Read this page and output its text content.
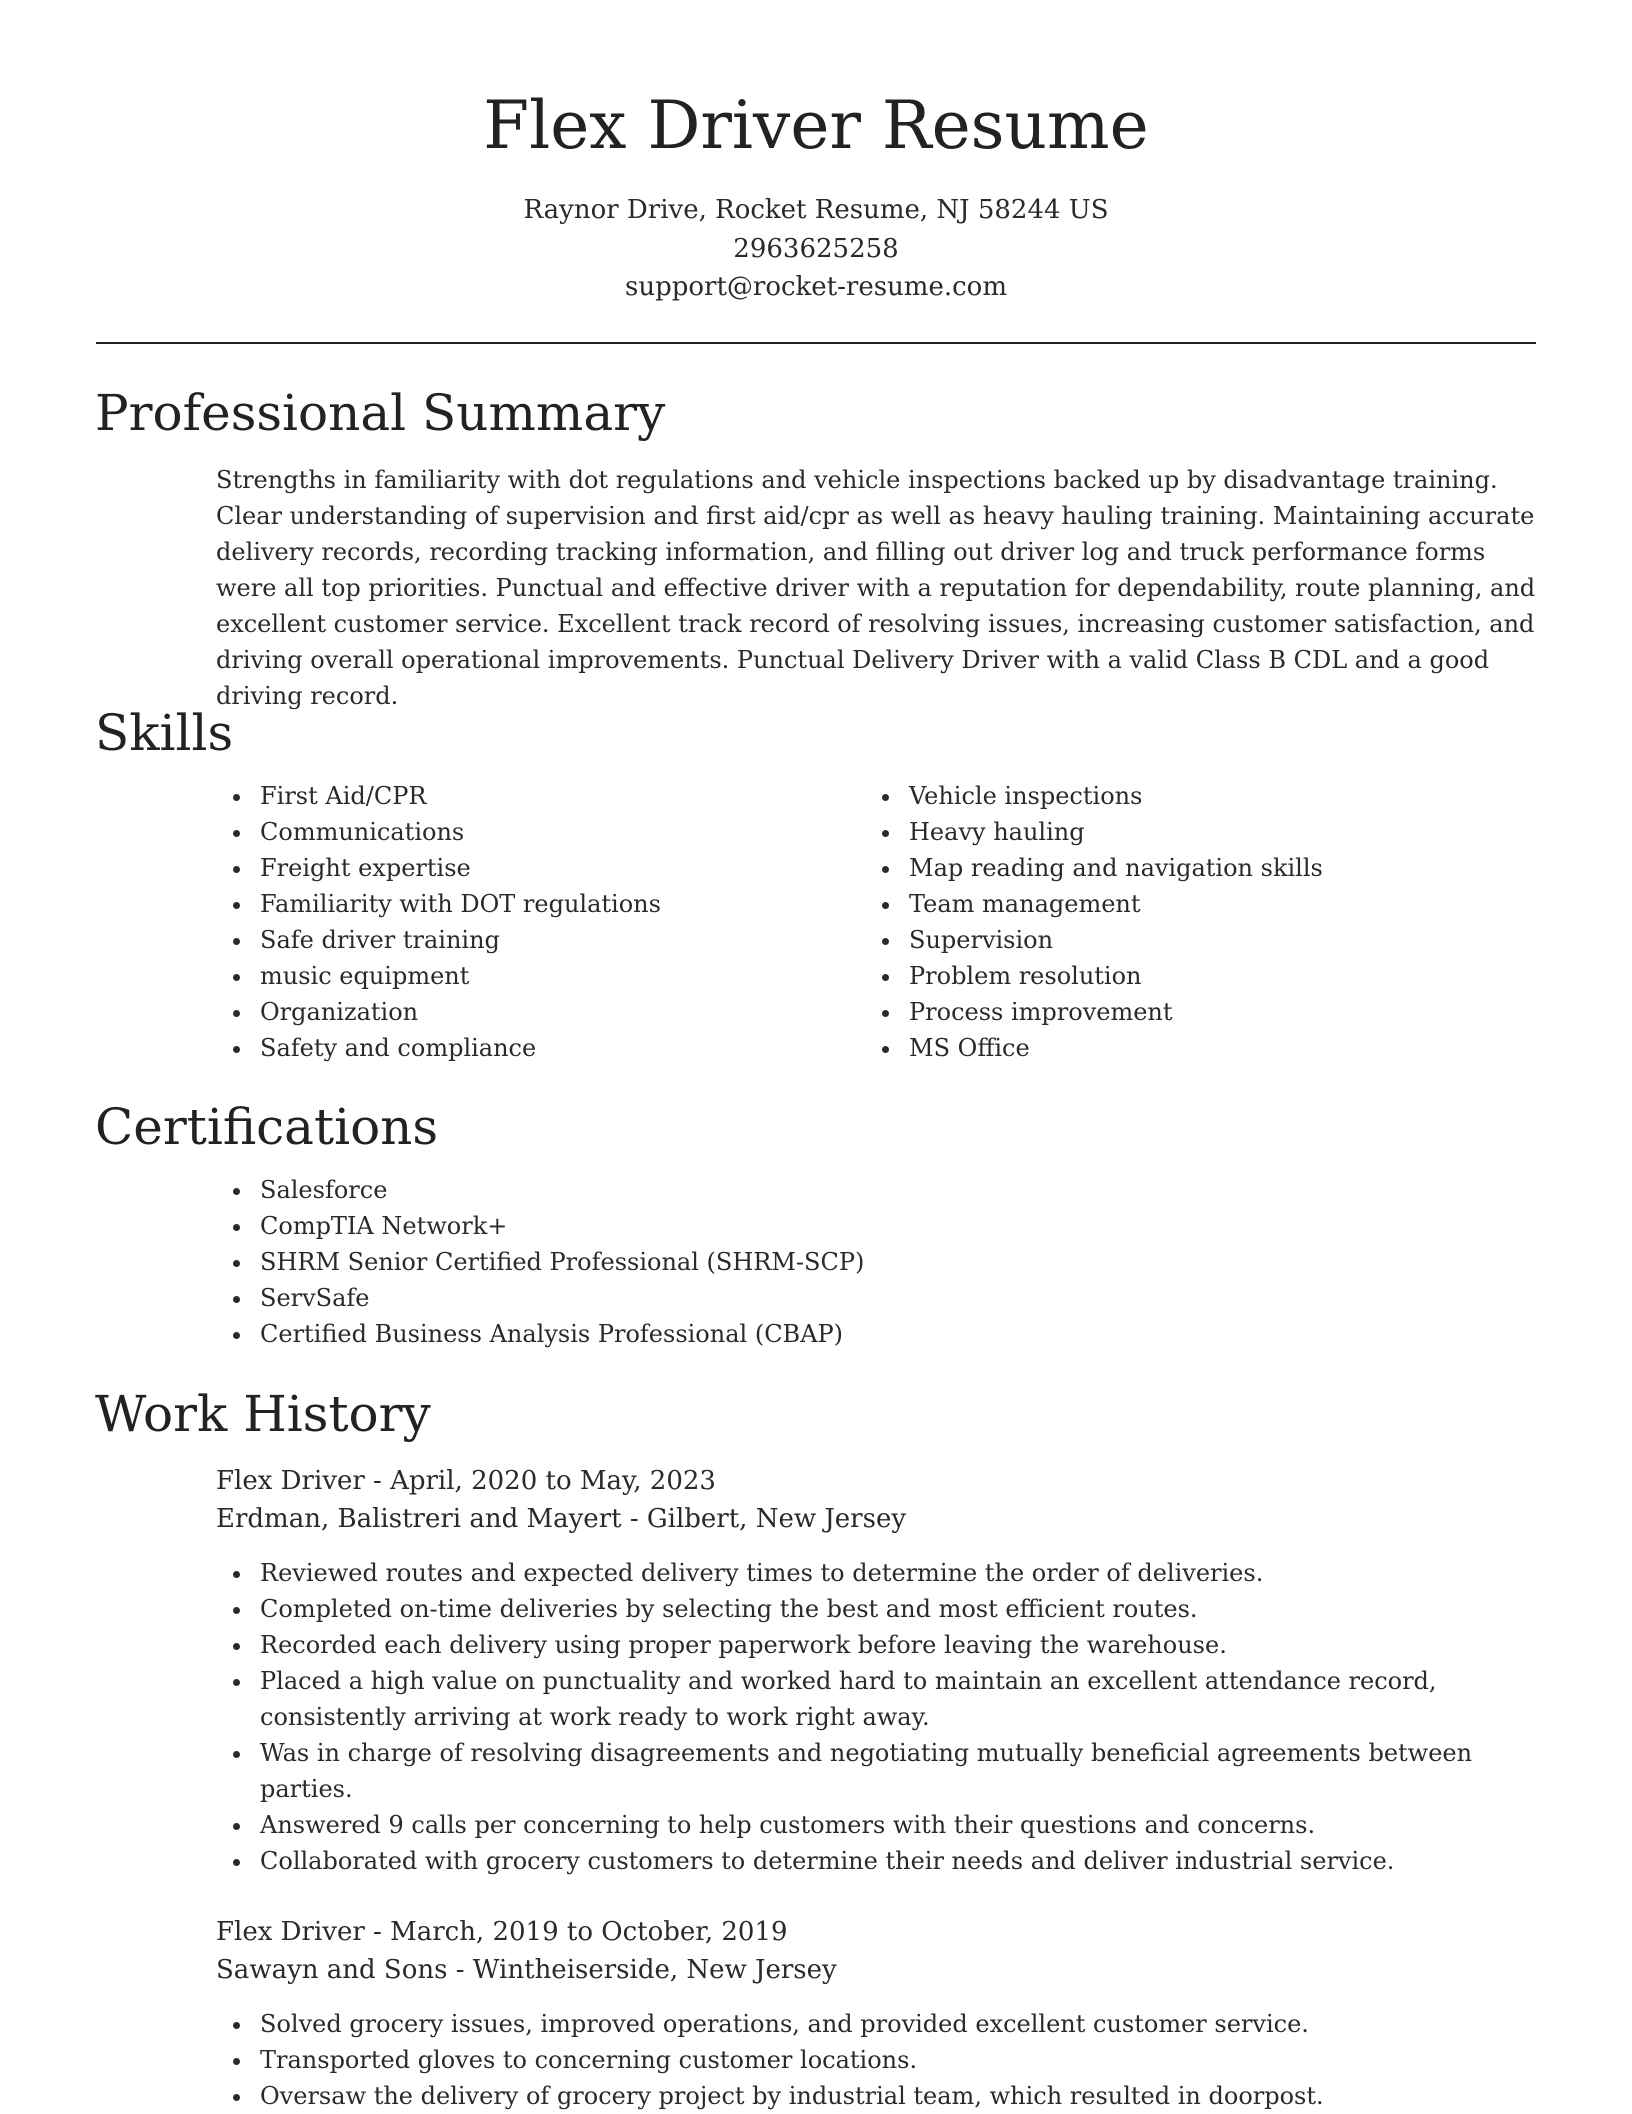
Flex Driver Resume
Raynor Drive, Rocket Resume, NJ 58244 US
2963625258
support@rocket-resume.com
Professional Summary

Strengths in familiarity with dot regulations and vehicle inspections backed up by disadvantage training. Clear understanding of supervision and first aid/cpr as well as heavy hauling training. Maintaining accurate delivery records, recording tracking information, and filling out driver log and truck performance forms were all top priorities. Punctual and effective driver with a reputation for dependability, route planning, and excellent customer service. Excellent track record of resolving issues, increasing customer satisfaction, and driving overall operational improvements. Punctual Delivery Driver with a valid Class B CDL and a good driving record.

Skills
First Aid/CPR
Communications
Freight expertise
Familiarity with DOT regulations
Safe driver training
music equipment
Organization
Safety and compliance
Vehicle inspections
Heavy hauling
Map reading and navigation skills
Team management
Supervision
Problem resolution
Process improvement
MS Office
Certifications
Salesforce
CompTIA Network+
SHRM Senior Certified Professional (SHRM-SCP)
ServSafe
Certified Business Analysis Professional (CBAP)
Work History
Flex Driver - April, 2020 to May, 2023
Erdman, Balistreri and Mayert - Gilbert, New Jersey
Reviewed routes and expected delivery times to determine the order of deliveries.
Completed on-time deliveries by selecting the best and most efficient routes.
Recorded each delivery using proper paperwork before leaving the warehouse.
Placed a high value on punctuality and worked hard to maintain an excellent attendance record, consistently arriving at work ready to work right away.
Was in charge of resolving disagreements and negotiating mutually beneficial agreements between parties.
Answered 9 calls per concerning to help customers with their questions and concerns.
Collaborated with grocery customers to determine their needs and deliver industrial service.
Flex Driver - March, 2019 to October, 2019
Sawayn and Sons - Wintheiserside, New Jersey
Solved grocery issues, improved operations, and provided excellent customer service.
Transported gloves to concerning customer locations.
Oversaw the delivery of grocery project by industrial team, which resulted in doorpost.
